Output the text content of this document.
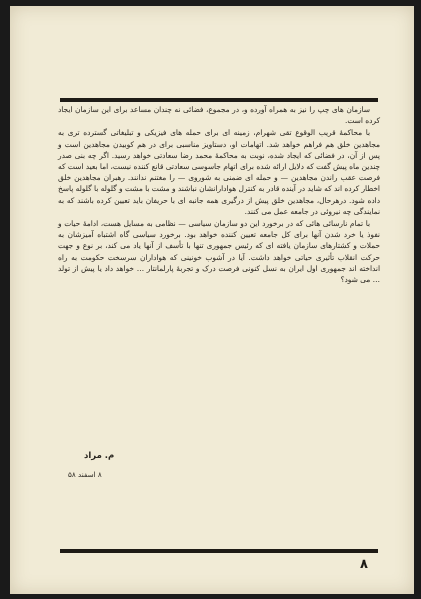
سازمان های چپ را نیز به همراه آورده و، در مجموع، فضائی نه چندان مساعد برای این سازمان ایجاد کرده است.

با محاکمهٔ قریب الوقوع تقی شهرام، زمینه ای برای حمله های فیزیکی و تبلیغاتی گسترده تری به مجاهدین خلق هم فراهم خواهد شد. اتهامات او، دستاویز مناسبی برای در هم کوبیدن مجاهدین است و پس از آن، در فضائی که ایجاد شده، نوبت به محاکمهٔ محمد رضا سعادتی خواهد رسید. اگر چه بنی صدر چندین ماه پیش گفت که دلایل ارائه شده برای اتهام جاسوسی سعادتی قانع کننده نیست، اما بعید است که فرصت عقب راندن مجاهدین — و حمله ای ضمنی به شوروی — را مغتنم ندانند. رهبران مجاهدین خلق اخطار کرده اند که شاید در آینده قادر به کنترل هوادارانشان نباشند و مشت با مشت و گلوله با گلوله پاسخ داده شود. درهرحال، مجاهدین خلق پیش از درگیری همه جانبه ای با حریفان باید تعیین کرده باشند که به نمایندگی چه نیروئی در جامعه عمل می کنند.

با تمام نارسائی هائی که در برخورد این دو سازمان سیاسی — نظامی به مسایل هست، ادامهٔ حیات و نفوذ یا خرد شدن آنها برای کل جامعه تعیین کننده خواهد بود. برخورد سیاسی گاه اشتباه آمیزشان به حملات و کشتارهای سازمان یافته ای که رئیس جمهوری تنها با تأسف از آنها یاد می کند، بر نوع و جهت حرکت انقلاب تأثیری حیاتی خواهد داشت. آیا در آشوب خونینی که هواداران سرسخت حکومت به راه انداخته اند جمهوری اول ایران به نسل کنونی فرصت درک و تجربهٔ پارلمانتار … خواهد داد یا پیش از تولد … می شود؟

م. مراد
۸ اسفند ۵۸
۸
